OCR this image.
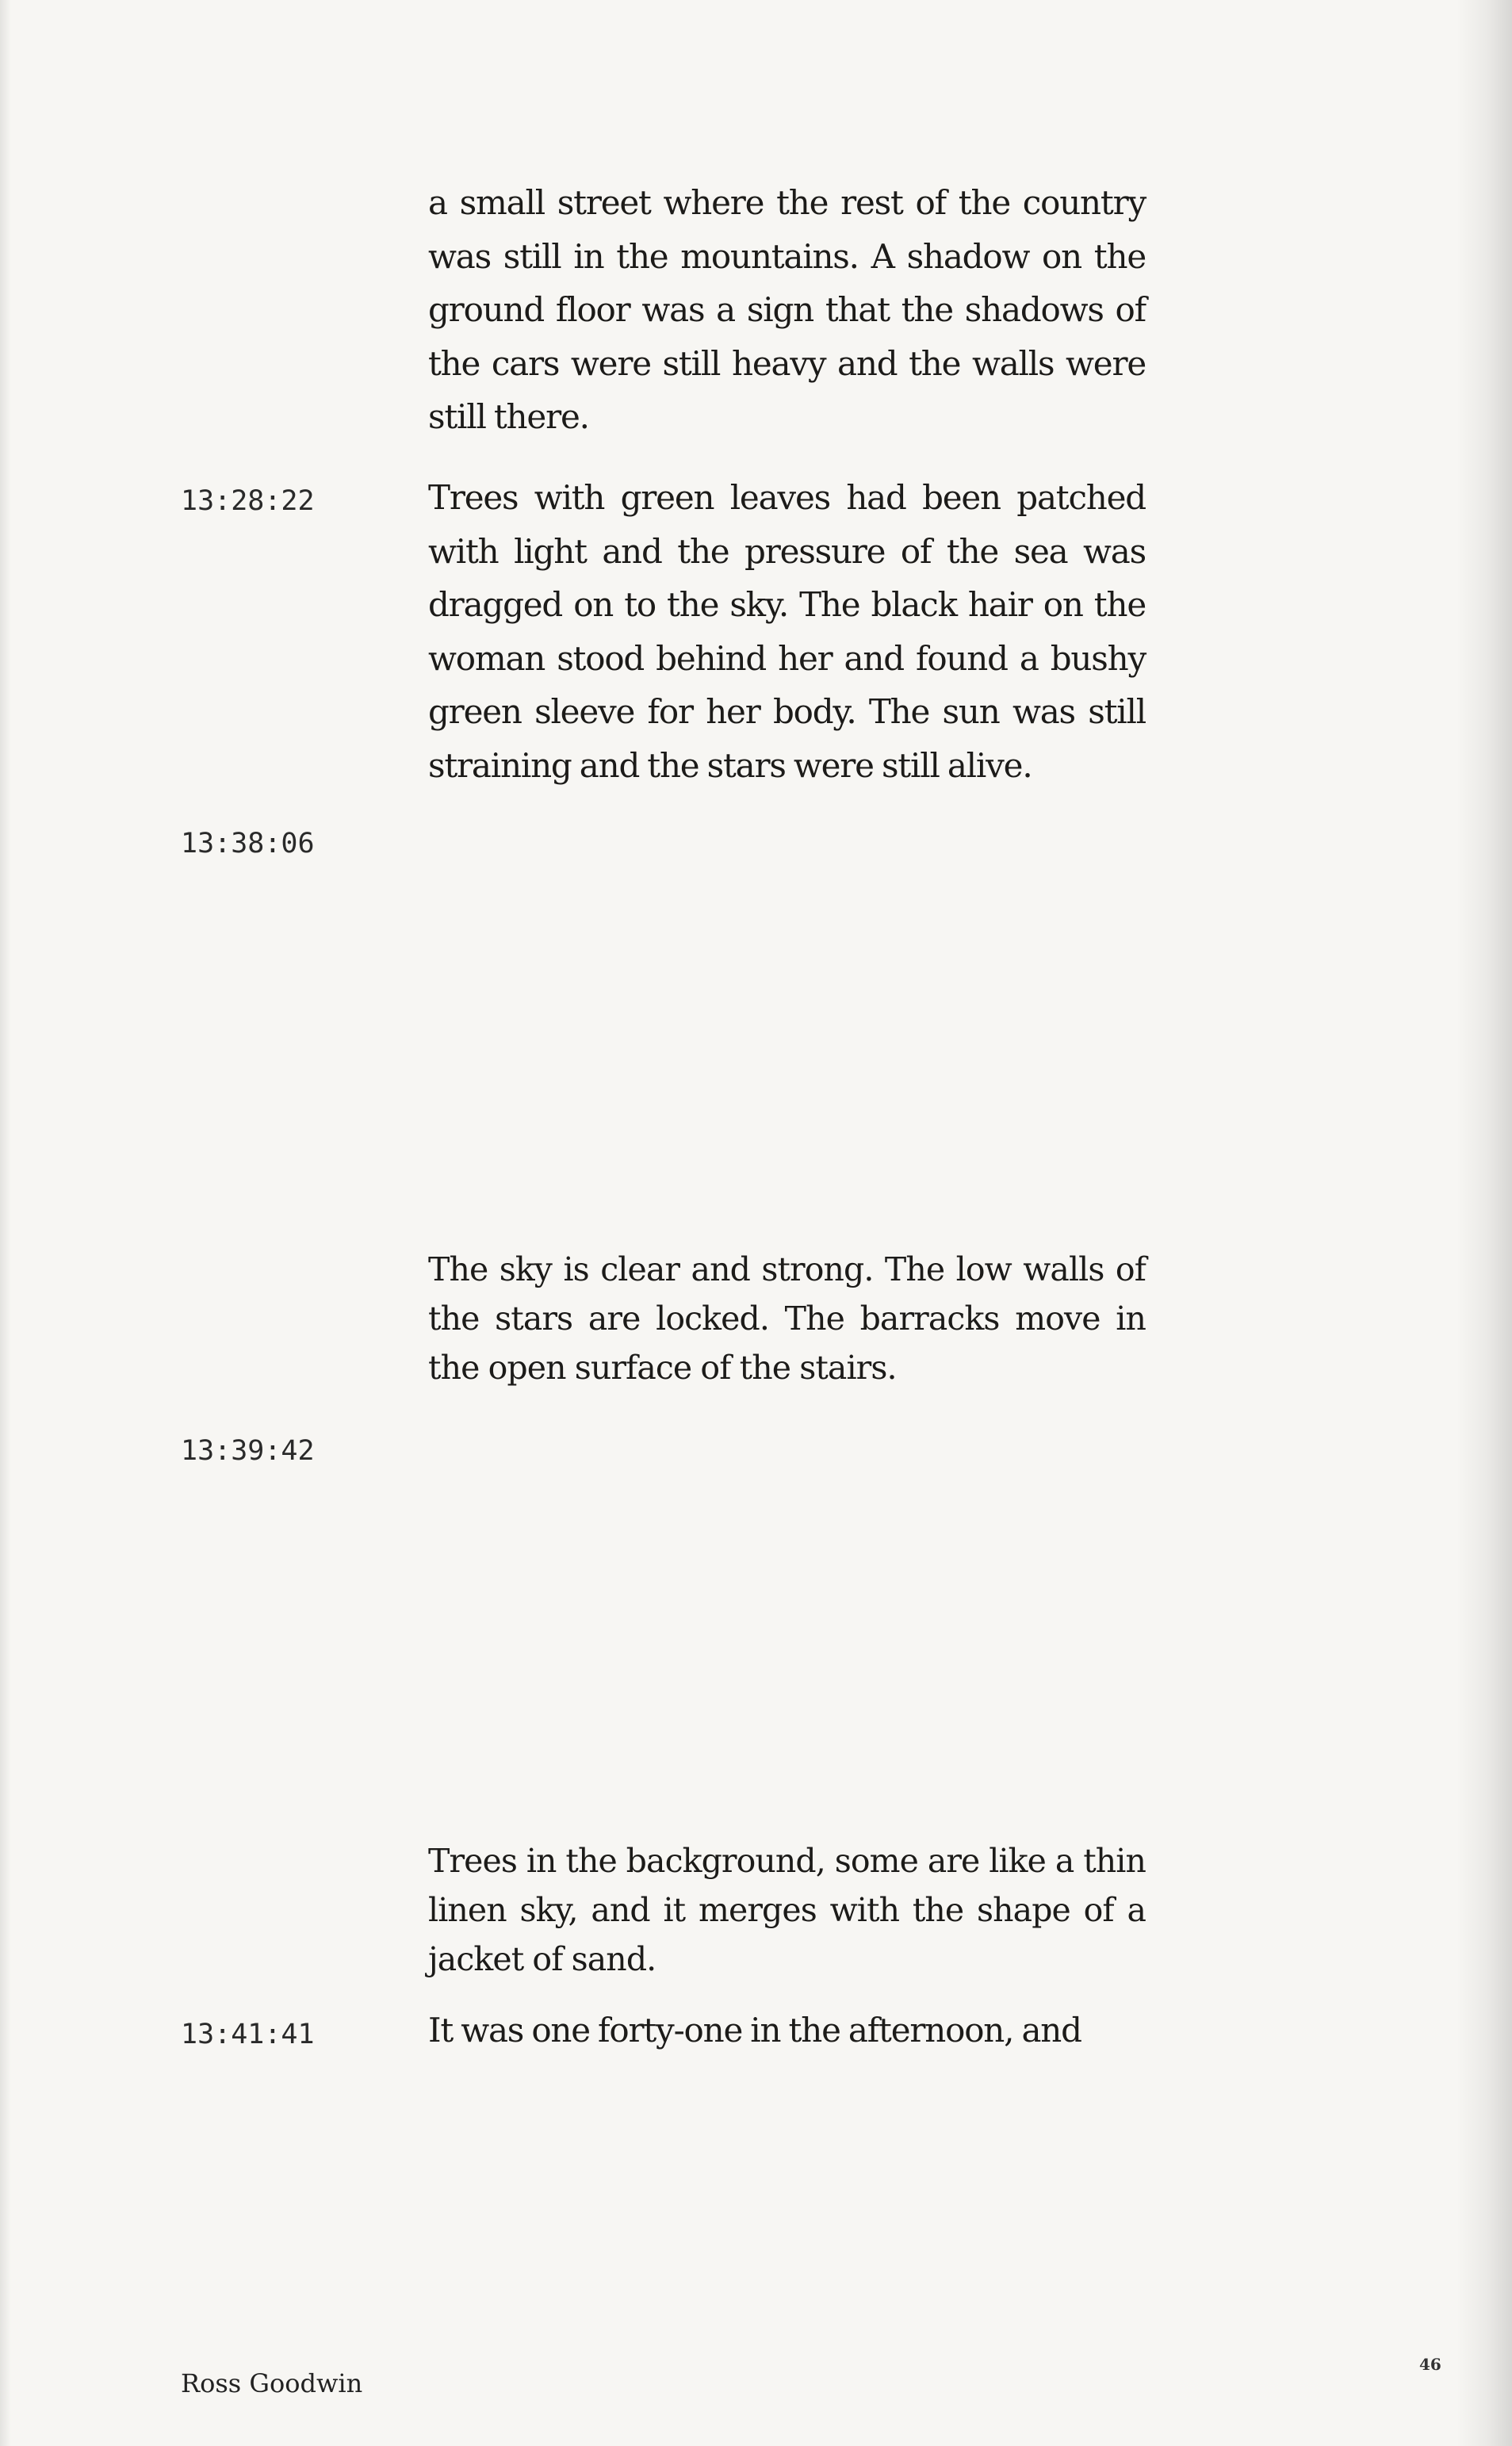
a small street where the rest of the country was still in the mountains. A shadow on the ground floor was a sign that the shadows of the cars were still heavy and the walls were still there.

13:28:22	Trees with green leaves had been patched with light and the pressure of the sea was dragged on to the sky. The black hair on the woman stood behind her and found a bushy green sleeve for her body. The sun was still straining and the stars were still alive.

13:38:06

The sky is clear and strong. The low walls of the stars are locked. The barracks move in the open surface of the stairs.

13:39:42

Trees in the background, some are like a thin linen sky, and it merges with the shape of a jacket of sand.

13:41:41	It was one forty-one in the afternoon, and

Ross Goodwin

46
